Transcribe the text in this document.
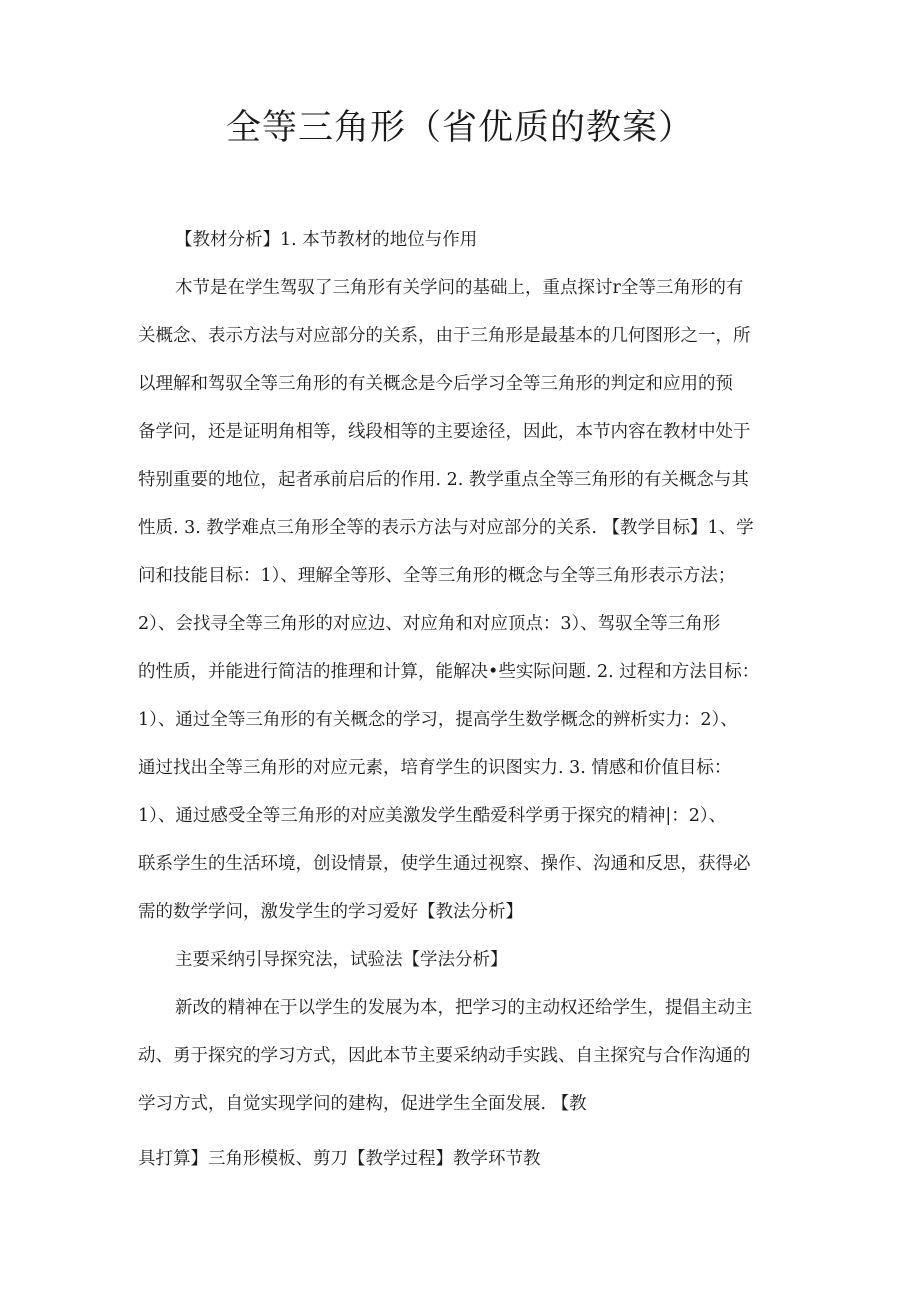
全等三角形（省优质的教案）

【教材分析】1. 本节教材的地位与作用

木节是在学生驾驭了三角形有关学问的基础上，重点探讨r全等三角形的有

关概念、表示方法与对应部分的关系，由于三角形是最基本的几何图形之一，所

以理解和驾驭全等三角形的有关概念是今后学习全等三角形的判定和应用的预

备学问，还是证明角相等，线段相等的主要途径，因此，本节内容在教材中处于

特别重要的地位，起者承前启后的作用. 2. 教学重点全等三角形的有关概念与其

性质. 3. 教学难点三角形全等的表示方法与对应部分的关系. 【教学目标】1、学

问和技能目标：1）、理解全等形、全等三角形的概念与全等三角形表示方法；

2）、会找寻全等三角形的对应边、对应角和对应顶点：3）、驾驭全等三角形

的性质，并能进行简洁的推理和计算，能解决•些实际问题. 2. 过程和方法目标：

1）、通过全等三角形的有关概念的学习，提高学生数学概念的辨析实力：2）、

通过找出全等三角形的对应元素，培育学生的识图实力. 3. 情感和价值目标：

1）、通过感受全等三角形的对应美激发学生酷爱科学勇于探究的精神|：2）、

联系学生的生活环境，创设情景，使学生通过视察、操作、沟通和反思，获得必

需的数学学问，激发学生的学习爱好【教法分析】

主要采纳引导探究法，试验法【学法分析】

新改的精神在于以学生的发展为本，把学习的主动权还给学生，提倡主动主

动、勇于探究的学习方式，因此本节主要采纳动手实践、自主探究与合作沟通的

学习方式，自觉实现学问的建构，促进学生全面发展. 【教

具打算】三角形模板、剪刀【教学过程】教学环节教
